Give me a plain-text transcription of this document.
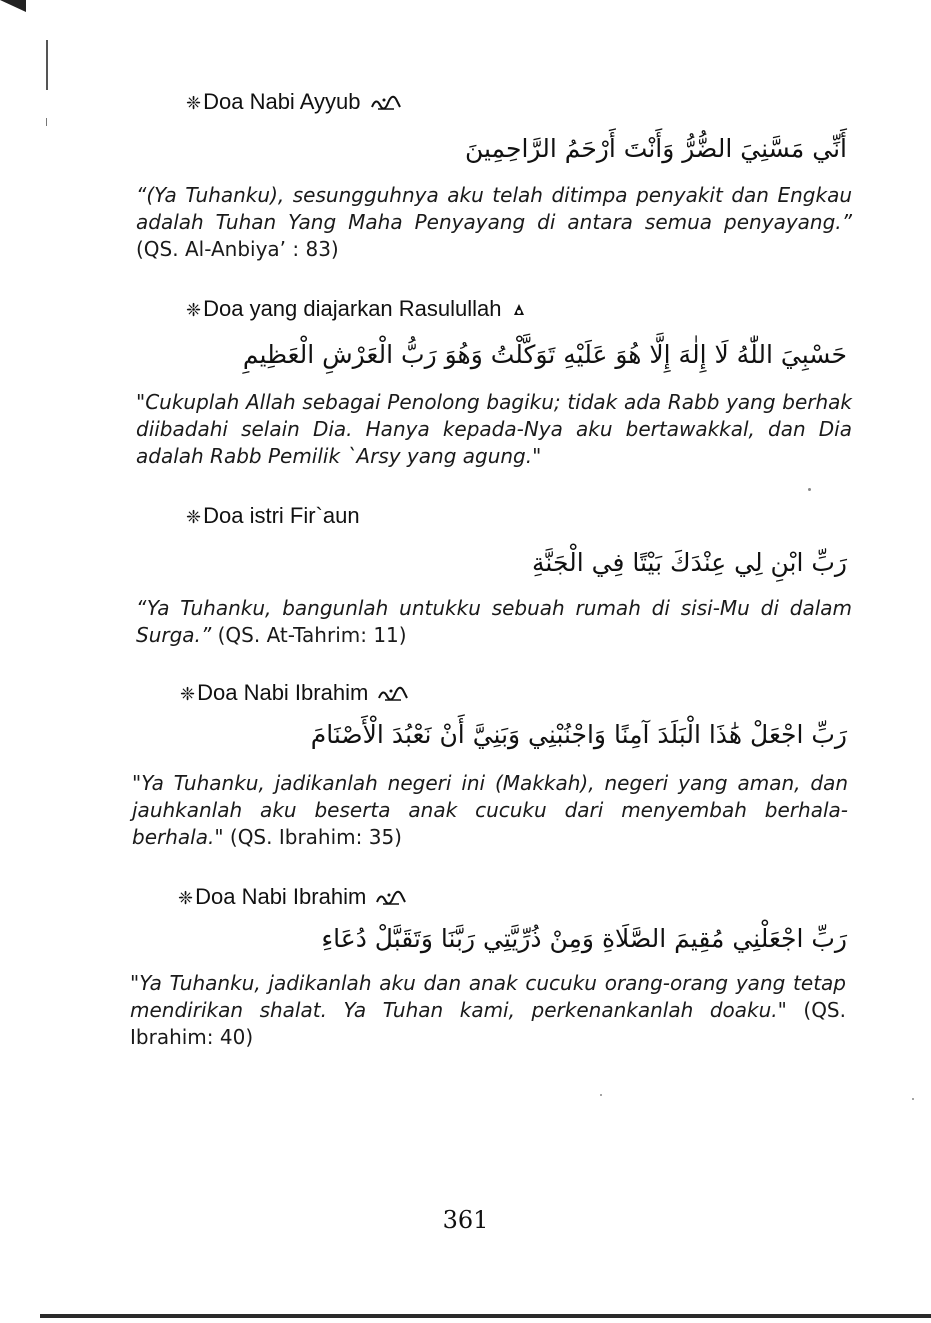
❈Doa Nabi Ayyub
أَنِّي مَسَّنِيَ الضُّرُّ وَأَنْتَ أَرْحَمُ الرَّاحِمِينَ
“(Ya Tuhanku), sesungguhnya aku telah ditimpa penyakit dan Engkau adalah Tuhan Yang Maha Penyayang di antara semua penyayang.” (QS. Al-Anbiya’ : 83)
❈Doa yang diajarkan Rasulullah
حَسْبِيَ اللّٰهُ لَا إِلٰهَ إِلَّا هُوَ عَلَيْهِ تَوَكَّلْتُ وَهُوَ رَبُّ الْعَرْشِ الْعَظِيمِ
"Cukuplah Allah sebagai Penolong bagiku; tidak ada Rabb yang berhak diibadahi selain Dia. Hanya kepada-Nya aku bertawakkal, dan Dia adalah Rabb Pemilik `Arsy yang agung."
❈Doa istri Fir`aun
رَبِّ ابْنِ لِي عِنْدَكَ بَيْتًا فِي الْجَنَّةِ
“Ya Tuhanku, bangunlah untukku sebuah rumah di sisi-Mu di dalam Surga.” (QS. At-Tahrim: 11)
❈Doa Nabi Ibrahim
رَبِّ اجْعَلْ هَٰذَا الْبَلَدَ آمِنًا وَاجْنُبْنِي وَبَنِيَّ أَنْ نَعْبُدَ الْأَصْنَامَ
"Ya Tuhanku, jadikanlah negeri ini (Makkah), negeri yang aman, dan jauhkanlah aku beserta anak cucuku dari menyembah berhala-berhala." (QS. Ibrahim: 35)
❈Doa Nabi Ibrahim
رَبِّ اجْعَلْنِي مُقِيمَ الصَّلَاةِ وَمِنْ ذُرِّيَّتِي رَبَّنَا وَتَقَبَّلْ دُعَاءِ
"Ya Tuhanku, jadikanlah aku dan anak cucuku orang-orang yang tetap mendirikan shalat. Ya Tuhan kami, perkenankanlah doaku." (QS. Ibrahim: 40)
361
